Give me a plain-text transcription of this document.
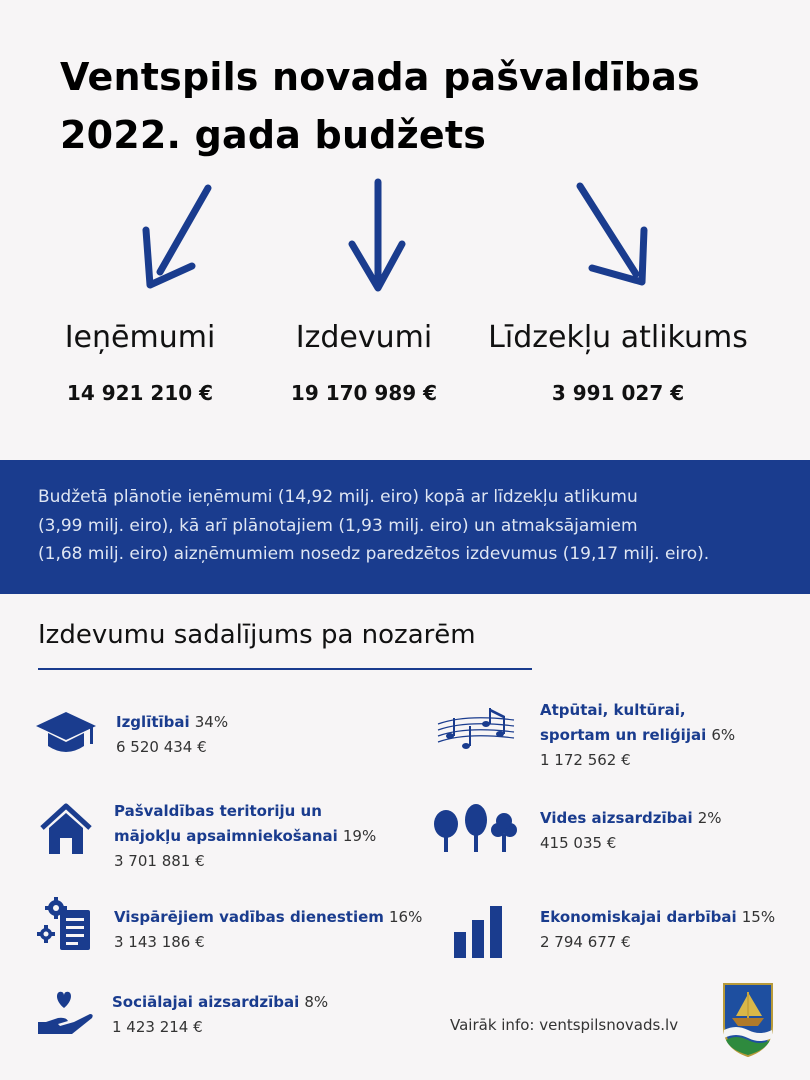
Ventspils novada pašvaldības
2022. gada budžets
Ieņēmumi	Izdevumi	Līdzekļu atlikums
14 921 210 €	19 170 989 €	3 991 027 €
Budžetā plānotie ieņēmumi (14,92 milj. eiro) kopā ar līdzekļu atlikumu
(3,99 milj. eiro), kā arī plānotajiem (1,93 milj. eiro) un atmaksājamiem
(1,68 milj. eiro) aizņēmumiem nosedz paredzētos izdevumus (19,17 milj. eiro).
Izdevumu sadalījums pa nozarēm
Izglītībai 34%
6 520 434 €
Atpūtai, kultūrai,
sportam un reliģijai 6%
1 172 562 €
Pašvaldības teritoriju un
mājokļu apsaimniekošanai 19%
3 701 881 €
Vides aizsardzībai 2%
415 035 €
Vispārējiem vadības dienestiem 16%
3 143 186 €
Ekonomiskajai darbībai 15%
2 794 677 €
Sociālajai aizsardzībai 8%
1 423 214 €	Vairāk info: ventspilsnovads.lv
